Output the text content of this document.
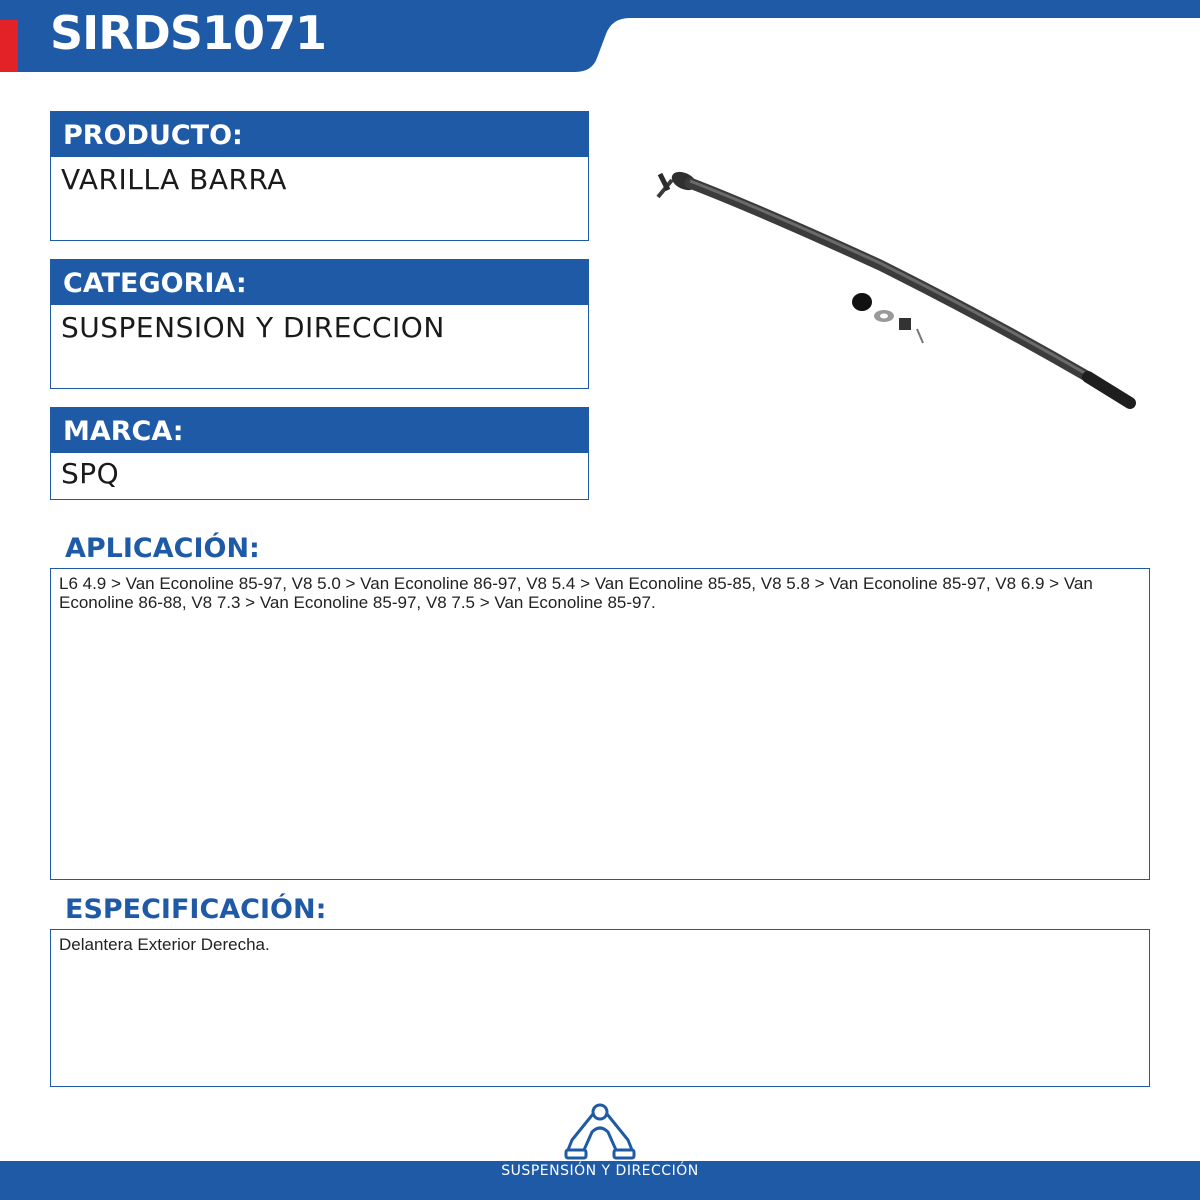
SIRDS1071
PRODUCTO:
VARILLA BARRA
CATEGORIA:
SUSPENSION Y DIRECCION
MARCA:
SPQ
APLICACIÓN:
L6 4.9 > Van Econoline 85-97, V8 5.0 > Van Econoline 86-97, V8 5.4 > Van Econoline 85-85, V8 5.8 > Van Econoline 85-97, V8 6.9 > Van Econoline 86-88, V8 7.3 > Van Econoline 85-97, V8 7.5 > Van Econoline 85-97.
ESPECIFICACIÓN:
Delantera Exterior Derecha.
SUSPENSIÓN Y DIRECCIÓN
